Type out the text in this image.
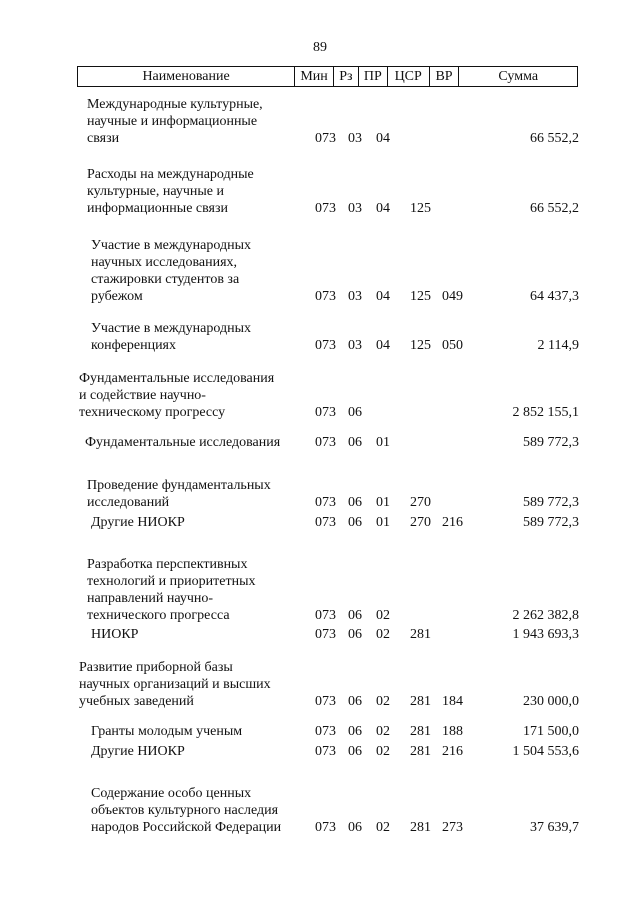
89
Наименование	Мин Рз ПР ЦСР ВР	Сумма
Международные культурные,
научные и информационные
связи	073 03 04	66 552,2
Расходы на международные
культурные, научные и
информационные связи	073 03 04 125	66 552,2
Участие в международных
научных исследованиях,
стажировки студентов за
рубежом	073 03 04 125 049	64 437,3
Участие в международных
конференциях	073 03 04 125 050	2 114,9
Фундаментальные исследования
и содействие научно-
техническому прогрессу	073 06	2 852 155,1
Фундаментальные исследования	073 06 01	589 772,3
Проведение фундаментальных
исследований	073 06 01 270	589 772,3
Другие НИОКР	073 06 01 270 216	589 772,3
Разработка перспективных
технологий и приоритетных
направлений научно-
технического прогресса	073 06 02	2 262 382,8
НИОКР	073 06 02 281	1 943 693,3
Развитие приборной базы
научных организаций и высших
учебных заведений	073 06 02 281 184	230 000,0
Гранты молодым ученым	073 06 02 281 188	171 500,0
Другие НИОКР	073 06 02 281 216	1 504 553,6
Содержание особо ценных
объектов культурного наследия
народов Российской Федерации	073 06 02 281 273	37 639,7
